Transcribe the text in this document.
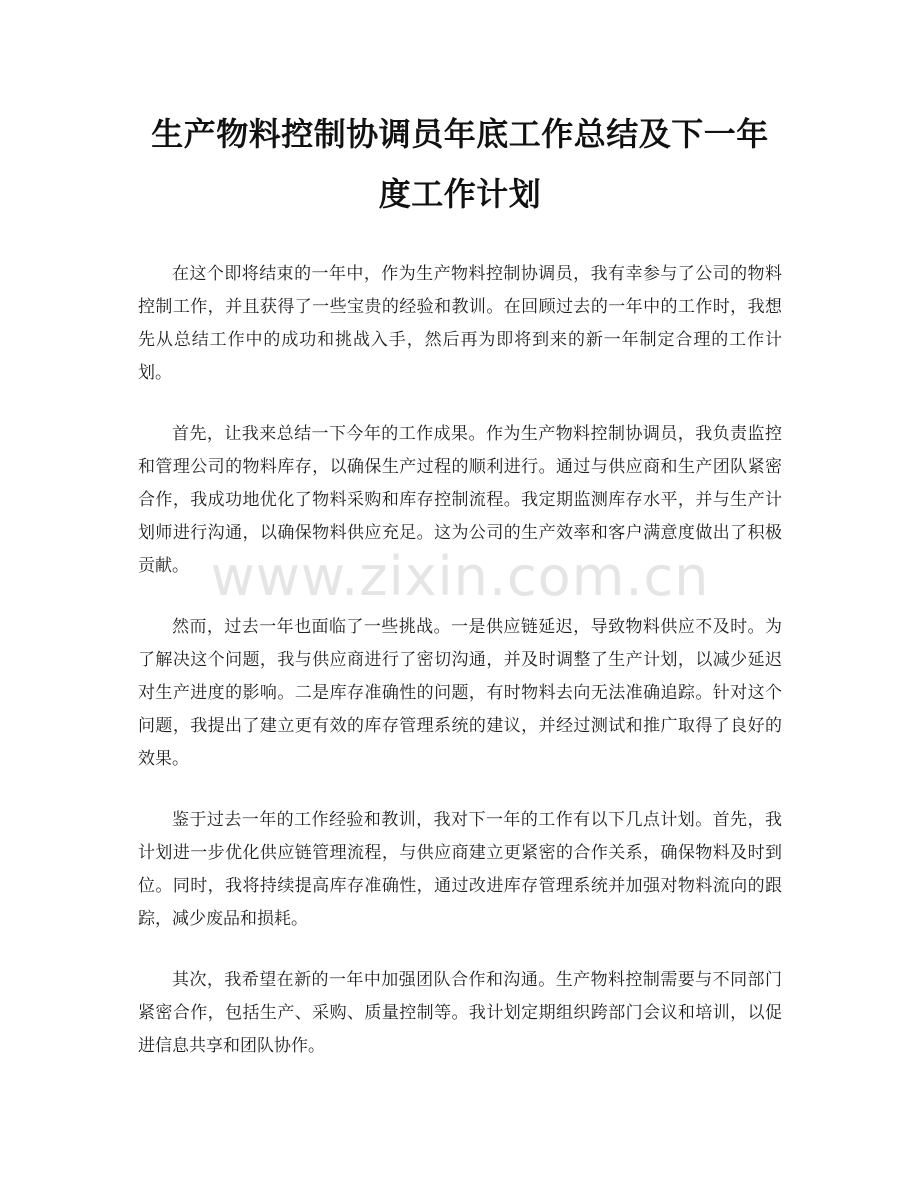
生产物料控制协调员年底工作总结及下一年度工作计划

在这个即将结束的一年中，作为生产物料控制协调员，我有幸参与了公司的物料控制工作，并且获得了一些宝贵的经验和教训。在回顾过去的一年中的工作时，我想先从总结工作中的成功和挑战入手，然后再为即将到来的新一年制定合理的工作计划。

首先，让我来总结一下今年的工作成果。作为生产物料控制协调员，我负责监控和管理公司的物料库存，以确保生产过程的顺利进行。通过与供应商和生产团队紧密合作，我成功地优化了物料采购和库存控制流程。我定期监测库存水平，并与生产计划师进行沟通，以确保物料供应充足。这为公司的生产效率和客户满意度做出了积极贡献。

然而，过去一年也面临了一些挑战。一是供应链延迟，导致物料供应不及时。为了解决这个问题，我与供应商进行了密切沟通，并及时调整了生产计划，以减少延迟对生产进度的影响。二是库存准确性的问题，有时物料去向无法准确追踪。针对这个问题，我提出了建立更有效的库存管理系统的建议，并经过测试和推广取得了良好的效果。

鉴于过去一年的工作经验和教训，我对下一年的工作有以下几点计划。首先，我计划进一步优化供应链管理流程，与供应商建立更紧密的合作关系，确保物料及时到位。同时，我将持续提高库存准确性，通过改进库存管理系统并加强对物料流向的跟踪，减少废品和损耗。

其次，我希望在新的一年中加强团队合作和沟通。生产物料控制需要与不同部门紧密合作，包括生产、采购、质量控制等。我计划定期组织跨部门会议和培训，以促进信息共享和团队协作。

www.zixin.com.cn
